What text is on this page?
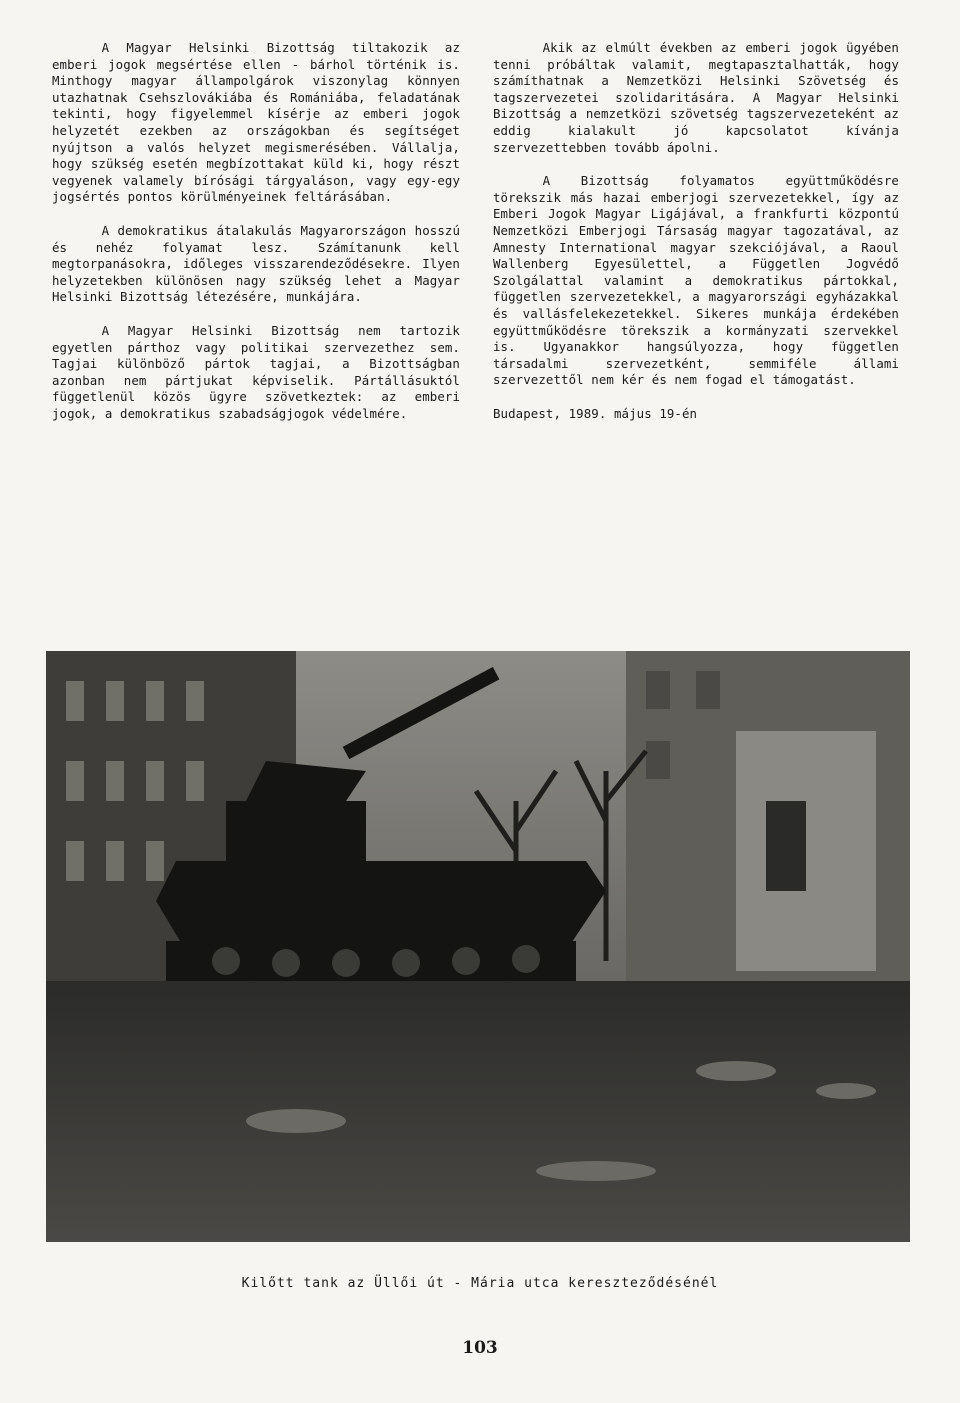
A Magyar Helsinki Bizottság tiltakozik az emberi jogok megsértése ellen - bárhol történik is. Minthogy magyar állampolgárok viszonylag könnyen utazhatnak Csehszlovákiába és Romániába, feladatának tekinti, hogy figyelemmel kísérje az emberi jogok helyzetét ezekben az országokban és segítséget nyújtson a valós helyzet megismerésében. Vállalja, hogy szükség esetén megbízottakat küld ki, hogy részt vegyenek valamely bírósági tárgyaláson, vagy egy-egy jogsértés pontos körülményeinek feltárásában.

A demokratikus átalakulás Magyarországon hosszú és nehéz folyamat lesz. Számítanunk kell megtorpanásokra, időleges visszarendeződésekre. Ilyen helyzetekben különösen nagy szükség lehet a Magyar Helsinki Bizottság létezésére, munkájára.

A Magyar Helsinki Bizottság nem tartozik egyetlen párthoz vagy politikai szervezethez sem. Tagjai különböző pártok tagjai, a Bizottságban azonban nem pártjukat képviselik. Pártállásuktól függetlenül közös ügyre szövetkeztek: az emberi jogok, a demokratikus szabadságjogok védelmére.

Akik az elmúlt években az emberi jogok ügyében tenni próbáltak valamit, megtapasztalhatták, hogy számíthatnak a Nemzetközi Helsinki Szövetség és tagszervezetei szolidaritására. A Magyar Helsinki Bizottság a nemzetközi szövetség tagszervezeteként az eddig kialakult jó kapcsolatot kívánja szervezettebben tovább ápolni.

A Bizottság folyamatos együttműködésre törekszik más hazai emberjogi szervezetekkel, így az Emberi Jogok Magyar Ligájával, a frankfurti központú Nemzetközi Emberjogi Társaság magyar tagozatával, az Amnesty International magyar szekciójával, a Raoul Wallenberg Egyesülettel, a Független Jogvédő Szolgálattal valamint a demokratikus pártokkal, független szervezetekkel, a magyarországi egyházakkal és vallásfelekezetekkel. Sikeres munkája érdekében együttműködésre törekszik a kormányzati szervekkel is. Ugyanakkor hangsúlyozza, hogy független társadalmi szervezetként, semmiféle állami szervezettől nem kér és nem fogad el támogatást.

Budapest, 1989. május 19-én

Kilőtt tank az Üllői út - Mária utca kereszteződésénél
103
